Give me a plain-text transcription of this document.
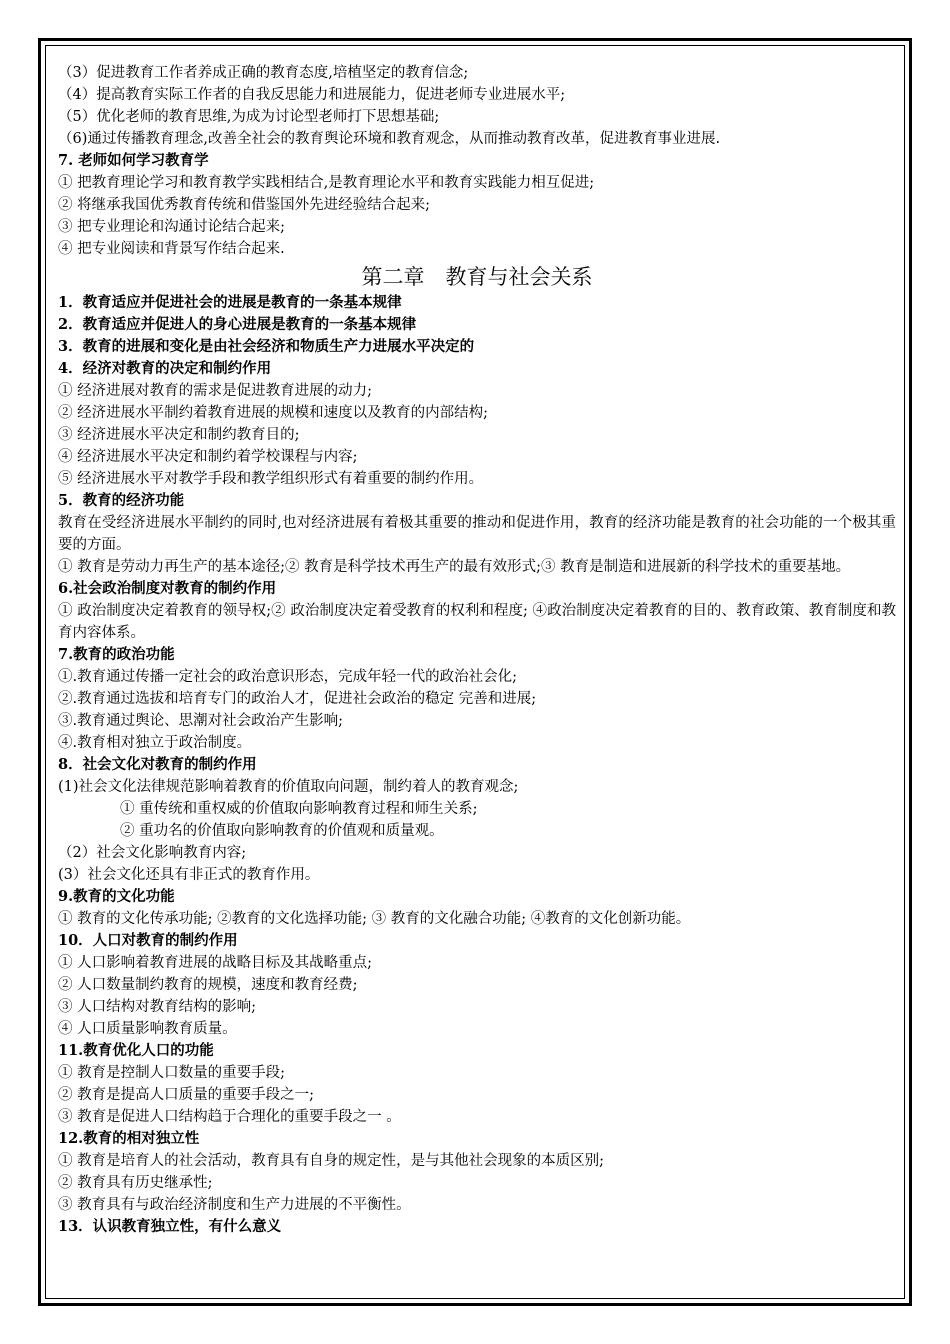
（3）促进教育工作者养成正确的教育态度,培植坚定的教育信念;
（4）提高教育实际工作者的自我反思能力和进展能力，促进老师专业进展水平;
（5）优化老师的教育思维,为成为讨论型老师打下思想基础;
（6)通过传播教育理念,改善全社会的教育舆论环境和教育观念，从而推动教育改革，促进教育事业进展.
7. 老师如何学习教育学
① 把教育理论学习和教育教学实践相结合,是教育理论水平和教育实践能力相互促进;
② 将继承我国优秀教育传统和借鉴国外先进经验结合起来;
③ 把专业理论和沟通讨论结合起来;
④ 把专业阅读和背景写作结合起来.
第二章　教育与社会关系
1．教育适应并促进社会的进展是教育的一条基本规律
2．教育适应并促进人的身心进展是教育的一条基本规律
3．教育的进展和变化是由社会经济和物质生产力进展水平决定的
4．经济对教育的决定和制约作用
① 经济进展对教育的需求是促进教育进展的动力;
② 经济进展水平制约着教育进展的规模和速度以及教育的内部结构;
③ 经济进展水平决定和制约教育目的;
④ 经济进展水平决定和制约着学校课程与内容;
⑤ 经济进展水平对教学手段和教学组织形式有着重要的制约作用。
5．教育的经济功能
教育在受经济进展水平制约的同时,也对经济进展有着极其重要的推动和促进作用，教育的经济功能是教育的社会功能的一个极其重要的方面。
① 教育是劳动力再生产的基本途径;② 教育是科学技术再生产的最有效形式;③ 教育是制造和进展新的科学技术的重要基地。
6.社会政治制度对教育的制约作用
① 政治制度决定着教育的领导权;② 政治制度决定着受教育的权利和程度; ④政治制度决定着教育的目的、教育政策、教育制度和教育内容体系。
7.教育的政治功能
①.教育通过传播一定社会的政治意识形态，完成年轻一代的政治社会化;
②.教育通过选拔和培育专门的政治人才，促进社会政治的稳定 完善和进展;
③.教育通过舆论、思潮对社会政治产生影响;
④.教育相对独立于政治制度。
8．社会文化对教育的制约作用
(1)社会文化法律规范影响着教育的价值取向问题，制约着人的教育观念;
① 重传统和重权威的价值取向影响教育过程和师生关系;
② 重功名的价值取向影响教育的价值观和质量观。
（2）社会文化影响教育内容;
(3）社会文化还具有非正式的教育作用。
9.教育的文化功能
① 教育的文化传承功能; ②教育的文化选择功能; ③ 教育的文化融合功能; ④教育的文化创新功能。
10．人口对教育的制约作用
① 人口影响着教育进展的战略目标及其战略重点;
② 人口数量制约教育的规模，速度和教育经费;
③ 人口结构对教育结构的影响;
④ 人口质量影响教育质量。
11.教育优化人口的功能
① 教育是控制人口数量的重要手段;
② 教育是提高人口质量的重要手段之一;
③ 教育是促进人口结构趋于合理化的重要手段之一 。
12.教育的相对独立性
① 教育是培育人的社会活动，教育具有自身的规定性，是与其他社会现象的本质区别;
② 教育具有历史继承性;
③ 教育具有与政治经济制度和生产力进展的不平衡性。
13．认识教育独立性，有什么意义
